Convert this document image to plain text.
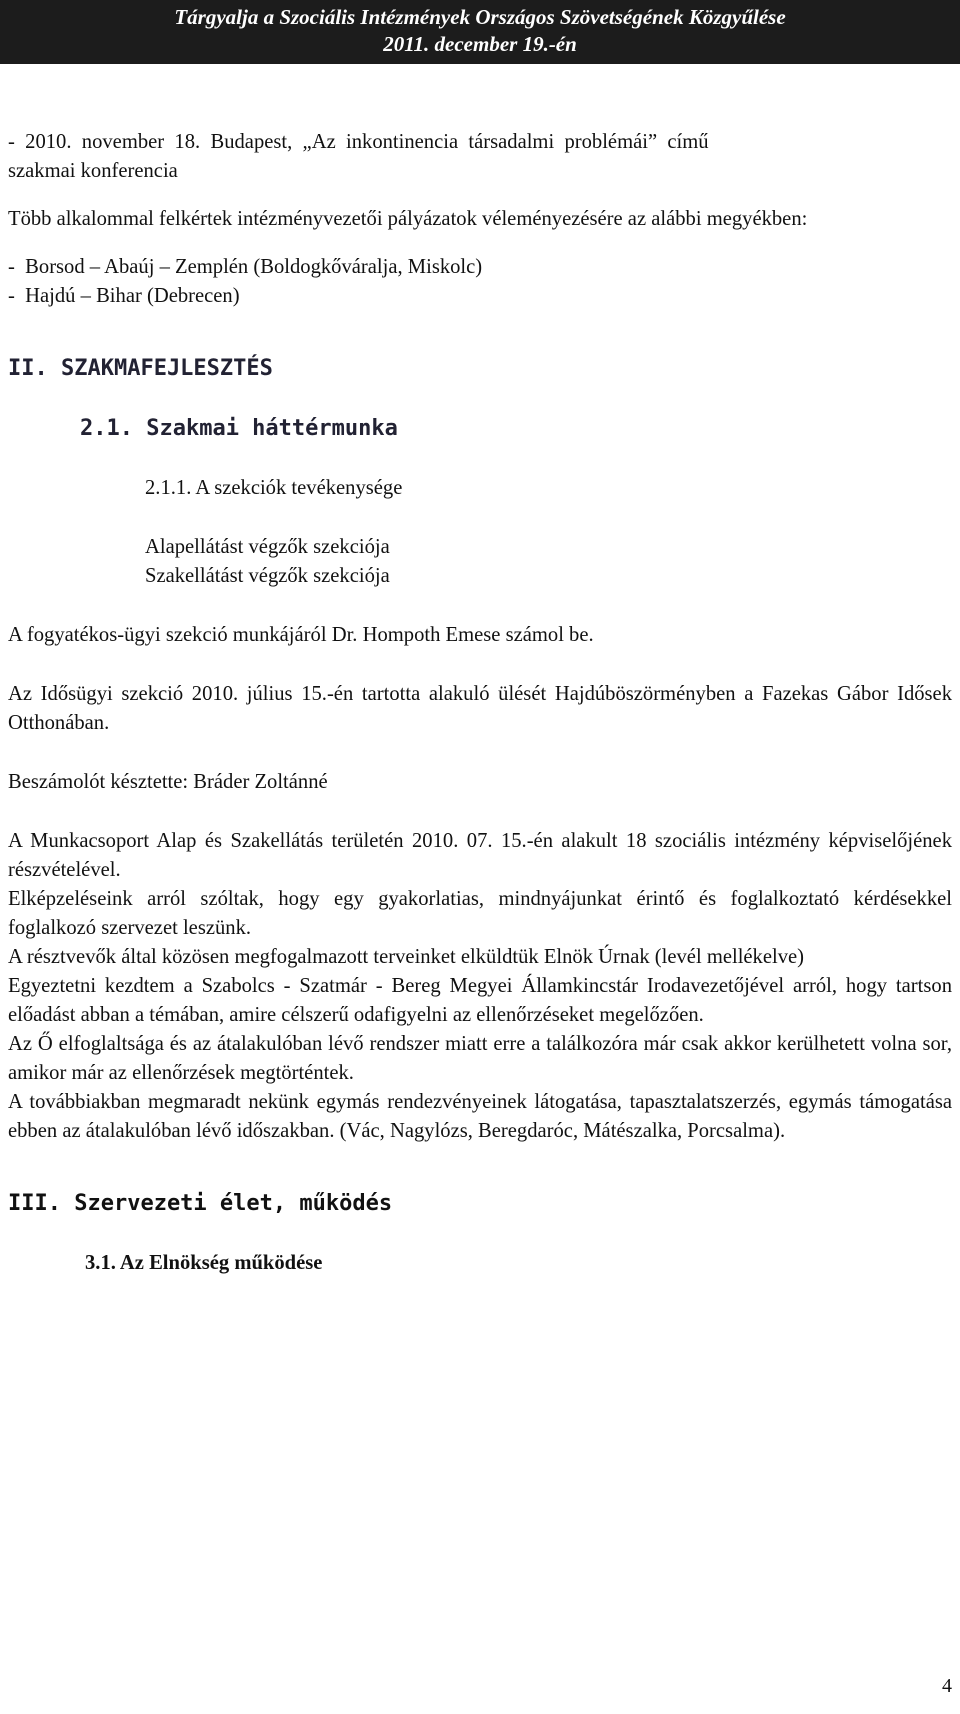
Tárgyalja a Szociális Intézmények Országos Szövetségének Közgyűlése
2011. december 19.-én

-  2010.  november  18.  Budapest,  „Az  inkontinencia  társadalmi  problémái”  című

szakmai konferencia

Több alkalommal felkértek intézményvezetői pályázatok véleményezésére az alábbi megyékben:

-  Borsod – Abaúj – Zemplén (Boldogkőváralja, Miskolc)

-  Hajdú – Bihar (Debrecen)

II. SZAKMAFEJLESZTÉS

2.1. Szakmai háttérmunka

2.1.1. A szekciók tevékenysége

Alapellátást végzők szekciója

Szakellátást végzők szekciója

A fogyatékos-ügyi szekció munkájáról Dr. Hompoth Emese számol be.

Az Idősügyi szekció 2010. július 15.-én tartotta alakuló ülését Hajdúböszörményben a Fazekas Gábor Idősek Otthonában.

Beszámolót késztette: Bráder Zoltánné

A Munkacsoport Alap és Szakellátás területén 2010. 07. 15.-én alakult 18 szociális intézmény képviselőjének részvételével.

Elképzeléseink arról szóltak, hogy egy gyakorlatias, mindnyájunkat érintő és foglalkoztató kérdésekkel foglalkozó szervezet leszünk.

A résztvevők által közösen megfogalmazott terveinket elküldtük Elnök Úrnak (levél mellékelve)

Egyeztetni kezdtem a Szabolcs - Szatmár - Bereg Megyei Államkincstár Irodavezetőjével arról, hogy tartson előadást abban a témában, amire célszerű odafigyelni az ellenőrzéseket megelőzően.

Az Ő elfoglaltsága és az átalakulóban lévő rendszer miatt erre a találkozóra már csak akkor kerülhetett volna sor, amikor már az ellenőrzések megtörténtek.

A továbbiakban megmaradt nekünk egymás rendezvényeinek látogatása, tapasztalatszerzés, egymás támogatása ebben az átalakulóban lévő időszakban. (Vác, Nagylózs, Beregdaróc, Mátészalka, Porcsalma).

III. Szervezeti élet, működés

3.1. Az Elnökség működése

4
